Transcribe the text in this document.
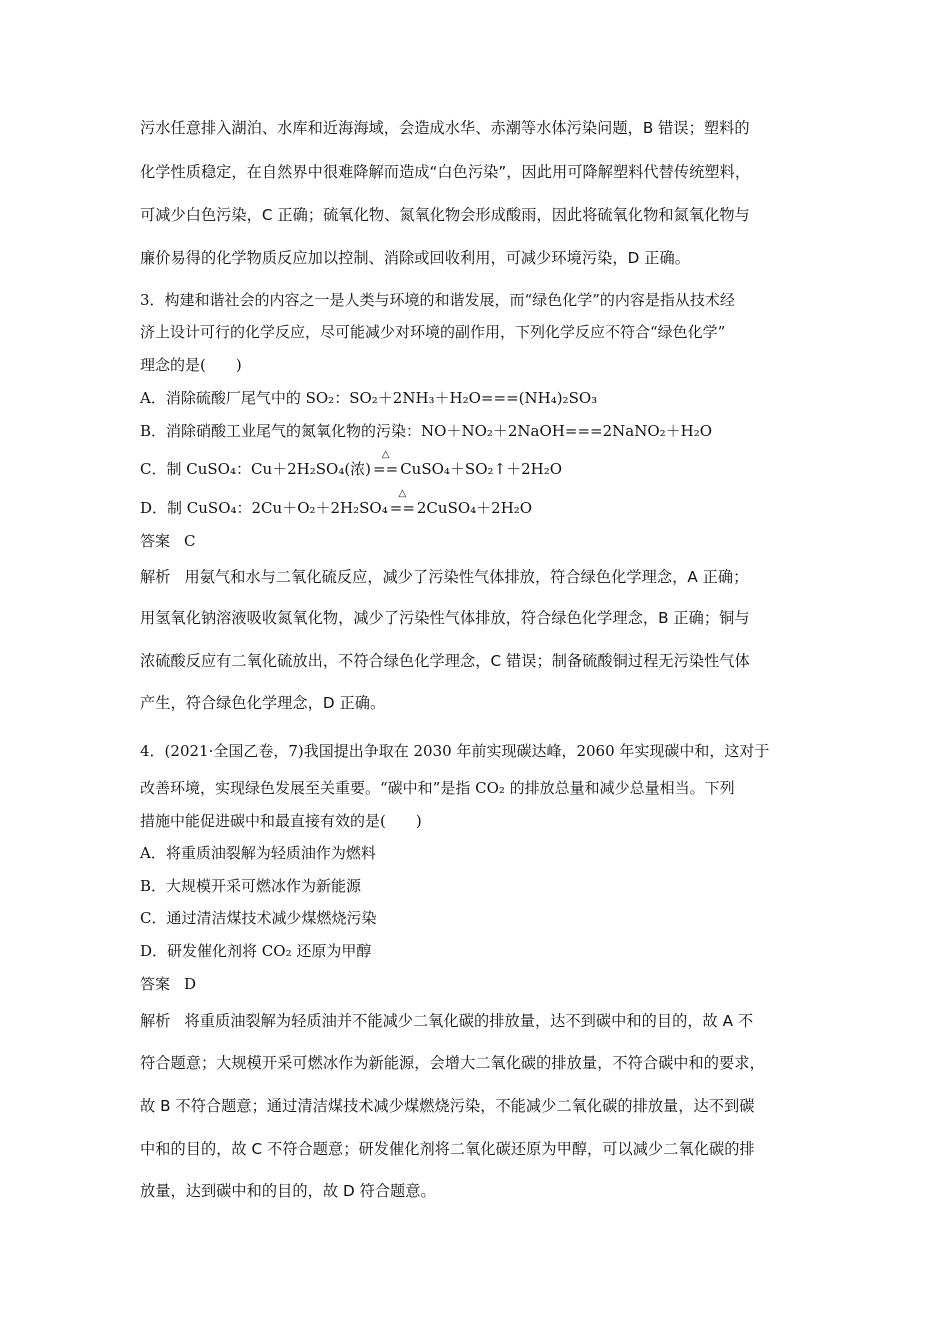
污水任意排入湖泊、水库和近海海域，会造成水华、赤潮等水体污染问题，B 错误；塑料的
化学性质稳定，在自然界中很难降解而造成“白色污染”，因此用可降解塑料代替传统塑料，
可减少白色污染，C 正确；硫氧化物、氮氧化物会形成酸雨，因此将硫氧化物和氮氧化物与
廉价易得的化学物质反应加以控制、消除或回收利用，可减少环境污染，D 正确。
3．构建和谐社会的内容之一是人类与环境的和谐发展，而“绿色化学”的内容是指从技术经
济上设计可行的化学反应，尽可能减少对环境的副作用，下列化学反应不符合“绿色化学”
理念的是(　　)
A．消除硫酸厂尾气中的 SO₂：SO₂＋2NH₃＋H₂O===(NH₄)₂SO₃
B．消除硝酸工业尾气的氮氧化物的污染：NO＋NO₂＋2NaOH===2NaNO₂＋H₂O
C．制 CuSO₄：Cu＋2H₂SO₄(浓)
△
== CuSO₄＋SO₂↑＋2H₂O
D．制 CuSO₄：2Cu＋O₂＋2H₂SO₄
△
== 2CuSO₄＋2H₂O
答案 C
解析 用氨气和水与二氧化硫反应，减少了污染性气体排放，符合绿色化学理念，A 正确；
用氢氧化钠溶液吸收氮氧化物，减少了污染性气体排放，符合绿色化学理念，B 正确；铜与
浓硫酸反应有二氧化硫放出，不符合绿色化学理念，C 错误；制备硫酸铜过程无污染性气体
产生，符合绿色化学理念，D 正确。
4．(2021·全国乙卷，7)我国提出争取在 2030 年前实现碳达峰，2060 年实现碳中和，这对于
改善环境，实现绿色发展至关重要。“碳中和”是指 CO₂ 的排放总量和减少总量相当。下列
措施中能促进碳中和最直接有效的是(　　)
A．将重质油裂解为轻质油作为燃料
B．大规模开采可燃冰作为新能源
C．通过清洁煤技术减少煤燃烧污染
D．研发催化剂将 CO₂ 还原为甲醇
答案 D
解析 将重质油裂解为轻质油并不能减少二氧化碳的排放量，达不到碳中和的目的，故 A 不
符合题意；大规模开采可燃冰作为新能源，会增大二氧化碳的排放量，不符合碳中和的要求，
故 B 不符合题意；通过清洁煤技术减少煤燃烧污染，不能减少二氧化碳的排放量，达不到碳
中和的目的，故 C 不符合题意；研发催化剂将二氧化碳还原为甲醇，可以减少二氧化碳的排
放量，达到碳中和的目的，故 D 符合题意。
